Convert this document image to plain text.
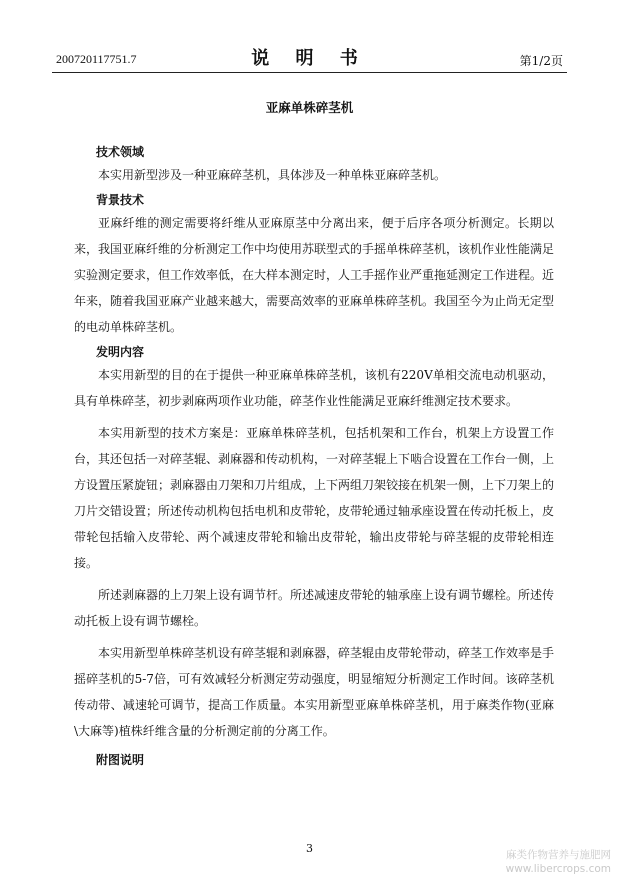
200720117751.7	说 明 书	第1/2页
亚麻单株碎茎机
技术领域

本实用新型涉及一种亚麻碎茎机，具体涉及一种单株亚麻碎茎机。

背景技术

亚麻纤维的测定需要将纤维从亚麻原茎中分离出来，便于后序各项分析测定。长期以来，我国亚麻纤维的分析测定工作中均使用苏联型式的手摇单株碎茎机，该机作业性能满足实验测定要求，但工作效率低，在大样本测定时，人工手摇作业严重拖延测定工作进程。近年来，随着我国亚麻产业越来越大，需要高效率的亚麻单株碎茎机。我国至今为止尚无定型的电动单株碎茎机。

发明内容

本实用新型的目的在于提供一种亚麻单株碎茎机，该机有220V单相交流电动机驱动，具有单株碎茎，初步剥麻两项作业功能，碎茎作业性能满足亚麻纤维测定技术要求。

本实用新型的技术方案是：亚麻单株碎茎机，包括机架和工作台，机架上方设置工作台，其还包括一对碎茎辊、剥麻器和传动机构，一对碎茎辊上下啮合设置在工作台一侧，上方设置压紧旋钮；剥麻器由刀架和刀片组成，上下两组刀架铰接在机架一侧，上下刀架上的刀片交错设置；所述传动机构包括电机和皮带轮，皮带轮通过轴承座设置在传动托板上，皮带轮包括输入皮带轮、两个减速皮带轮和输出皮带轮，输出皮带轮与碎茎辊的皮带轮相连接。

所述剥麻器的上刀架上设有调节杆。所述减速皮带轮的轴承座上设有调节螺栓。所述传动托板上设有调节螺栓。

本实用新型单株碎茎机设有碎茎辊和剥麻器，碎茎辊由皮带轮带动，碎茎工作效率是手摇碎茎机的5-7倍，可有效减轻分析测定劳动强度，明显缩短分析测定工作时间。该碎茎机传动带、减速轮可调节，提高工作质量。本实用新型亚麻单株碎茎机，用于麻类作物(亚麻\大麻等)植株纤维含量的分析测定前的分离工作。

附图说明
3	麻类作物营养与施肥网
www.libercrops.com
